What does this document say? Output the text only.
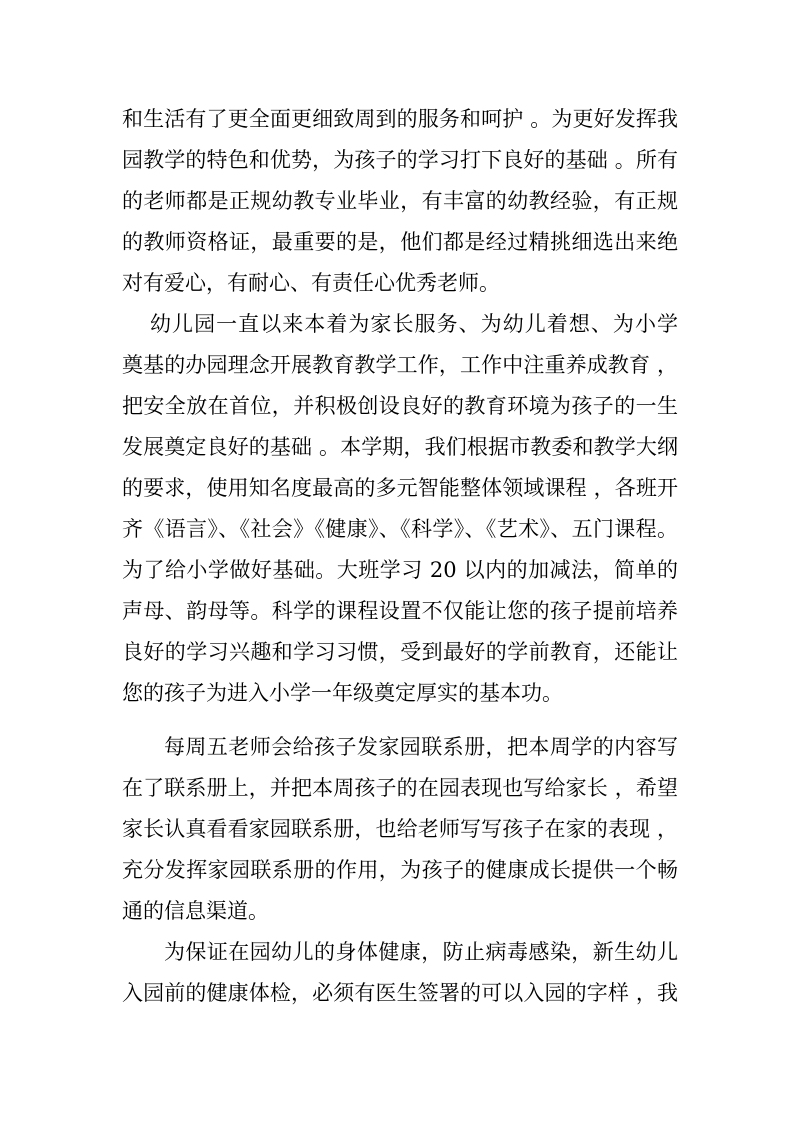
和生活有了更全面更细致周到的服务和呵护 。为更好发挥我
园教学的特色和优势，为孩子的学习打下良好的基础 。所有
的老师都是正规幼教专业毕业，有丰富的幼教经验，有正规
的教师资格证，最重要的是，他们都是经过精挑细选出来绝
对有爱心，有耐心、有责任心优秀老师。
幼儿园一直以来本着为家长服务、为幼儿着想、为小学
奠基的办园理念开展教育教学工作，工作中注重养成教育 ，
把安全放在首位，并积极创设良好的教育环境为孩子的一生
发展奠定良好的基础 。本学期，我们根据市教委和教学大纲
的要求，使用知名度最高的多元智能整体领域课程 ，各班开
齐《语言》、《社会》《健康》、《科学》、《艺术》、五门课程。
为了给小学做好基础。大班学习 20 以内的加减法，简单的
声母、韵母等。科学的课程设置不仅能让您的孩子提前培养
良好的学习兴趣和学习习惯，受到最好的学前教育，还能让
您的孩子为进入小学一年级奠定厚实的基本功。
每周五老师会给孩子发家园联系册，把本周学的内容写
在了联系册上，并把本周孩子的在园表现也写给家长 ，希望
家长认真看看家园联系册，也给老师写写孩子在家的表现 ，
充分发挥家园联系册的作用，为孩子的健康成长提供一个畅
通的信息渠道。
为保证在园幼儿的身体健康，防止病毒感染，新生幼儿
入园前的健康体检，必须有医生签署的可以入园的字样 ，我
